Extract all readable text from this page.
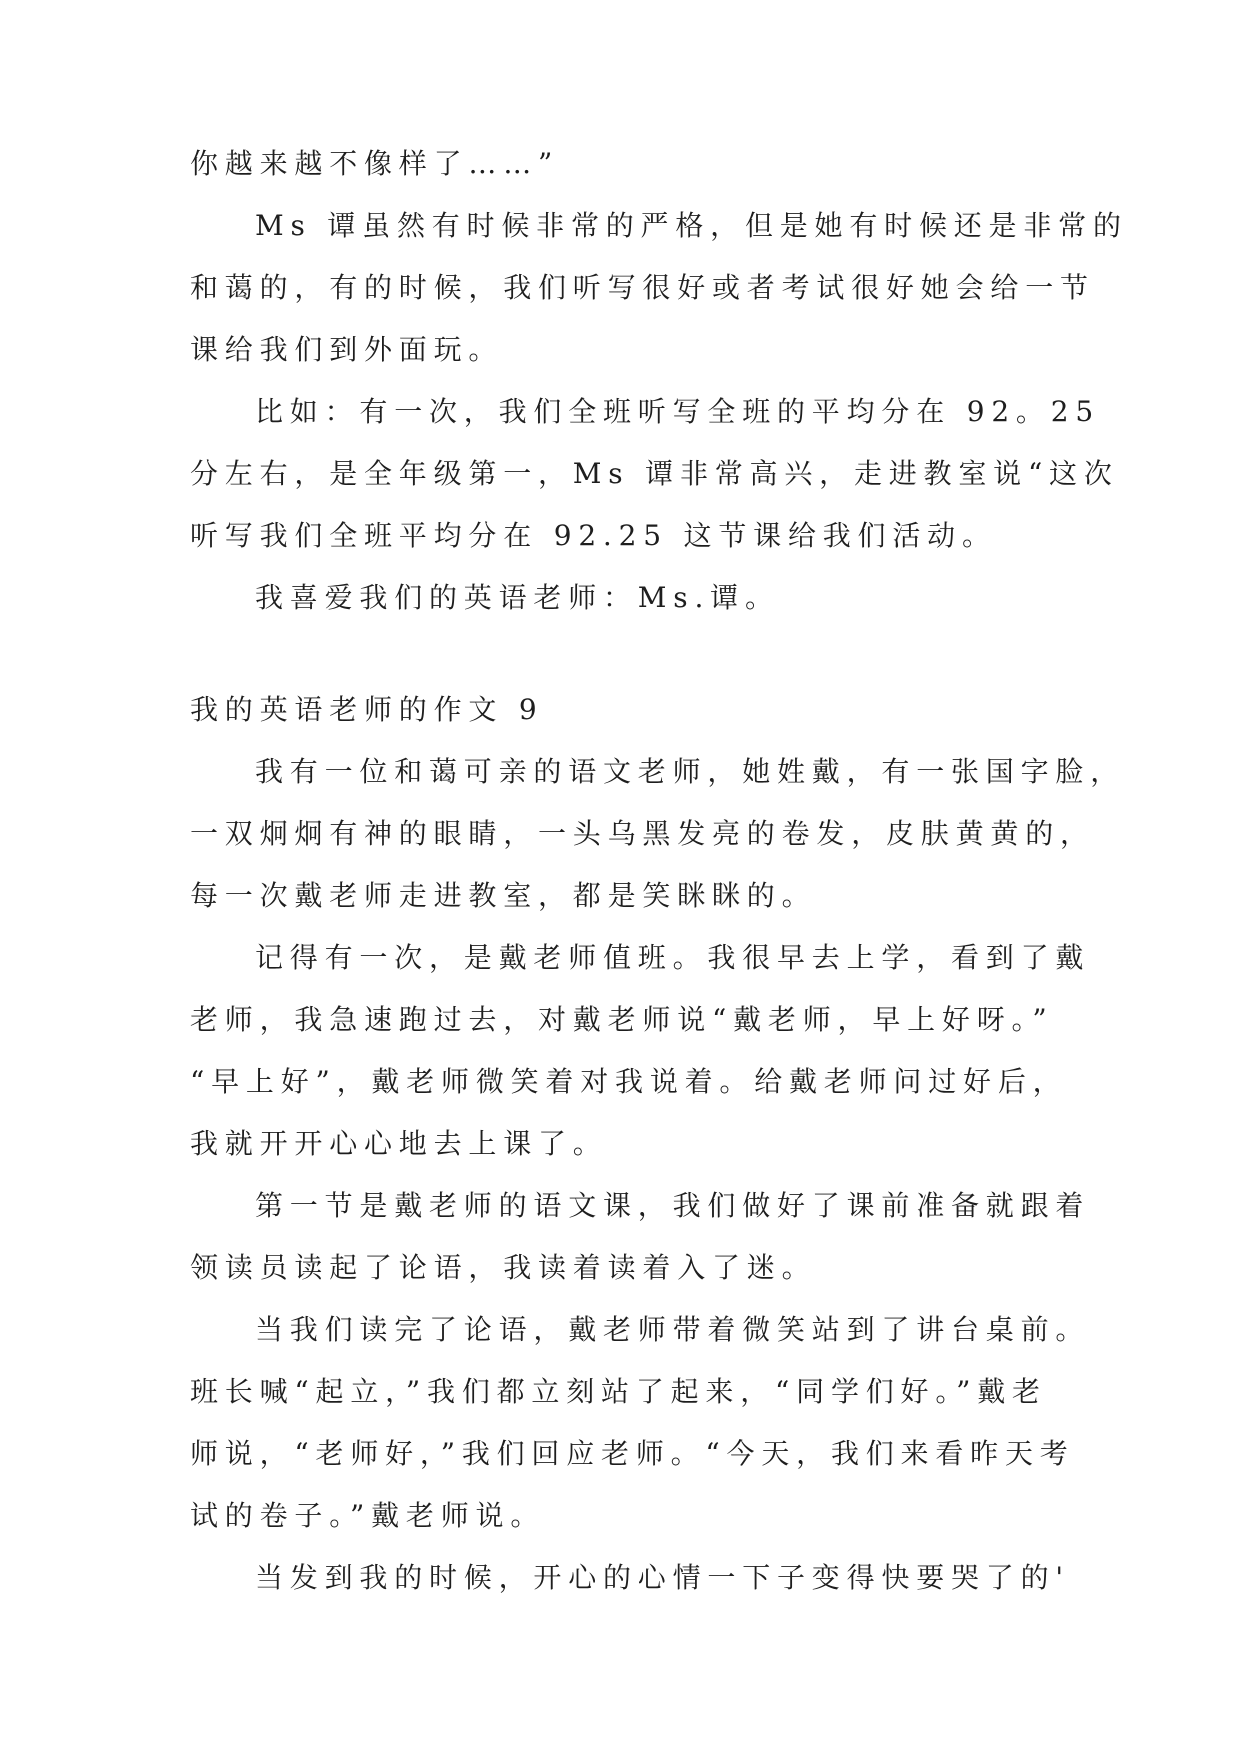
你越来越不像样了……”
Ms 谭虽然有时候非常的严格，但是她有时候还是非常的
和蔼的，有的时候，我们听写很好或者考试很好她会给一节
课给我们到外面玩。
比如：有一次，我们全班听写全班的平均分在 92。25
分左右，是全年级第一，Ms 谭非常高兴，走进教室说“这次
听写我们全班平均分在 92.25 这节课给我们活动。
我喜爱我们的英语老师：Ms.谭。
我的英语老师的作文 9
我有一位和蔼可亲的语文老师，她姓戴，有一张国字脸，
一双炯炯有神的眼睛，一头乌黑发亮的卷发，皮肤黄黄的，
每一次戴老师走进教室，都是笑眯眯的。
记得有一次，是戴老师值班。我很早去上学，看到了戴
老师，我急速跑过去，对戴老师说“戴老师，早上好呀。”
“早上好”，戴老师微笑着对我说着。给戴老师问过好后，
我就开开心心地去上课了。
第一节是戴老师的语文课，我们做好了课前准备就跟着
领读员读起了论语，我读着读着入了迷。
当我们读完了论语，戴老师带着微笑站到了讲台桌前。
班长喊“起立，”我们都立刻站了起来，“同学们好。”戴老
师说，“老师好，”我们回应老师。“今天，我们来看昨天考
试的卷子。”戴老师说。
当发到我的时候，开心的心情一下子变得快要哭了的'
